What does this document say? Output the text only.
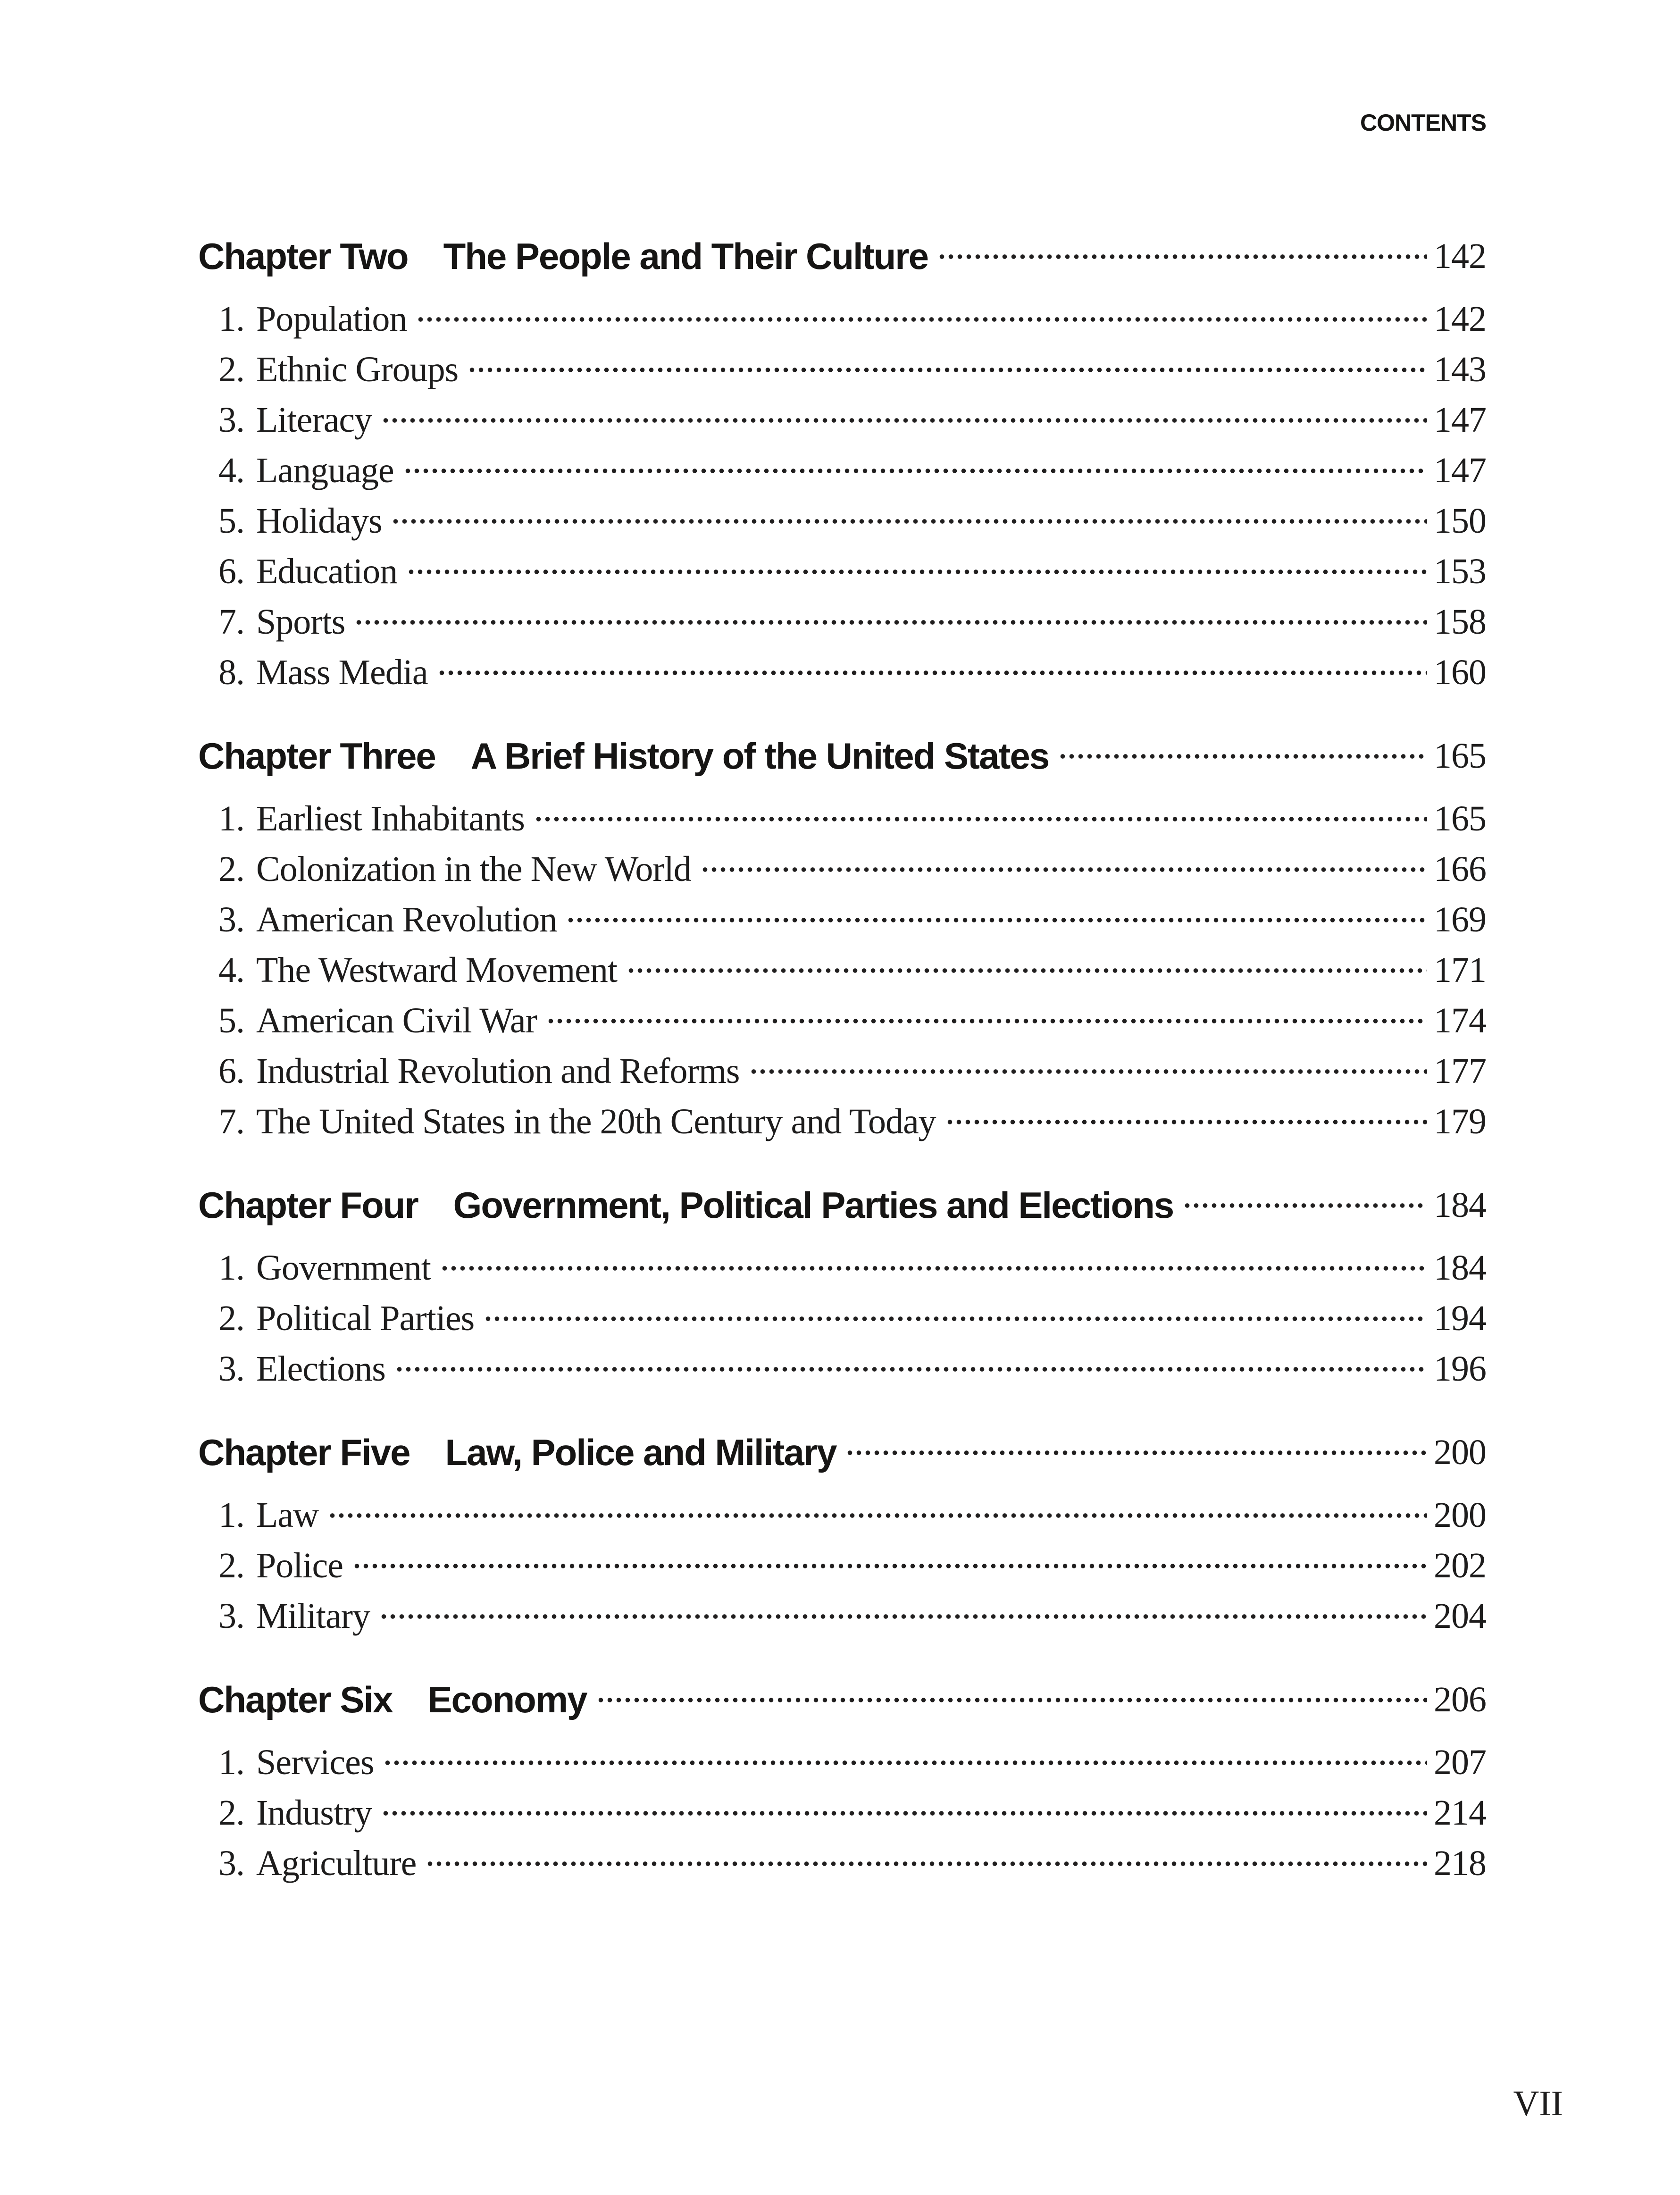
CONTENTS
Chapter Two The People and Their Culture	142
1. Population	142
2. Ethnic Groups	143
3. Literacy	147
4. Language	147
5. Holidays	150
6. Education	153
7. Sports	158
8. Mass Media	160
Chapter Three A Brief History of the United States	165
1. Earliest Inhabitants	165
2. Colonization in the New World	166
3. American Revolution	169
4. The Westward Movement	171
5. American Civil War	174
6. Industrial Revolution and Reforms	177
7. The United States in the 20th Century and Today	179
Chapter Four Government, Political Parties and Elections	184
1. Government	184
2. Political Parties	194
3. Elections	196
Chapter Five Law, Police and Military	200
1. Law	200
2. Police	202
3. Military	204
Chapter Six Economy	206
1. Services	207
2. Industry	214
3. Agriculture	218
VII
